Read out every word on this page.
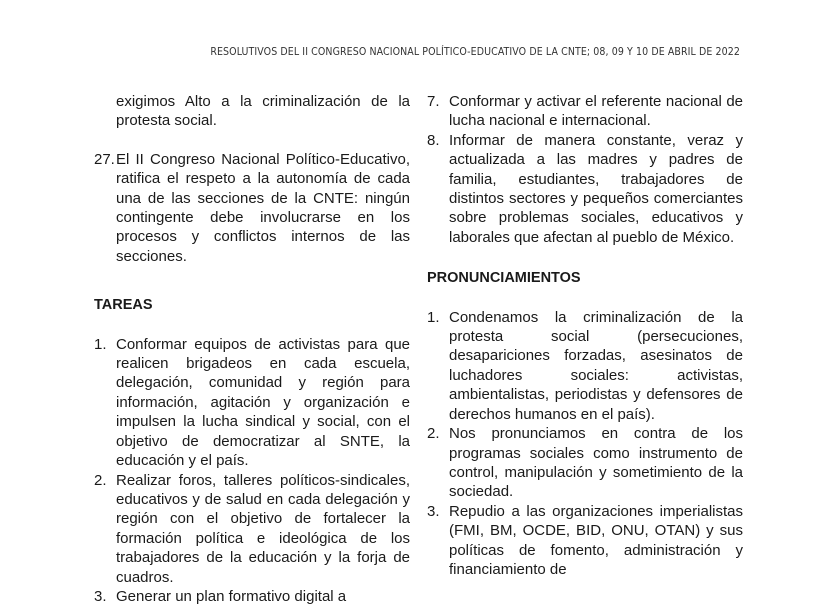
RESOLUTIVOS DEL II CONGRESO NACIONAL POLÍTICO-EDUCATIVO DE LA CNTE; 08, 09 Y 10 DE ABRIL DE 2022
exigimos Alto a la criminalización de la protesta social.
27. El II Congreso Nacional Político-Educativo, ratifica el respeto a la autonomía de cada una de las secciones de la CNTE: ningún contingente debe involucrarse en los procesos y conflictos internos de las secciones.
TAREAS
1. Conformar equipos de activistas para que realicen brigadeos en cada escuela, delegación, comunidad y región para información, agitación y organización e impulsen la lucha sindical y social, con el objetivo de democratizar al SNTE, la educación y el país.
2. Realizar foros, talleres políticos-sindicales, educativos y de salud en cada delegación y región con el objetivo de fortalecer la formación política e ideológica de los trabajadores de la educación y la forja de cuadros.
3. Generar un plan formativo digital a
7. Conformar y activar el referente nacional de lucha nacional e internacional.
8. Informar de manera constante, veraz y actualizada a las madres y padres de familia, estudiantes, trabajadores de distintos sectores y pequeños comerciantes sobre problemas sociales, educativos y laborales que afectan al pueblo de México.
PRONUNCIAMIENTOS
1. Condenamos la criminalización de la protesta social (persecuciones, desapariciones forzadas, asesinatos de luchadores sociales: activistas, ambientalistas, periodistas y defensores de derechos humanos en el país).
2. Nos pronunciamos en contra de los programas sociales como instrumento de control, manipulación y sometimiento de la sociedad.
3. Repudio a las organizaciones imperialistas (FMI, BM, OCDE, BID, ONU, OTAN) y sus políticas de fomento, administración y financiamiento de
